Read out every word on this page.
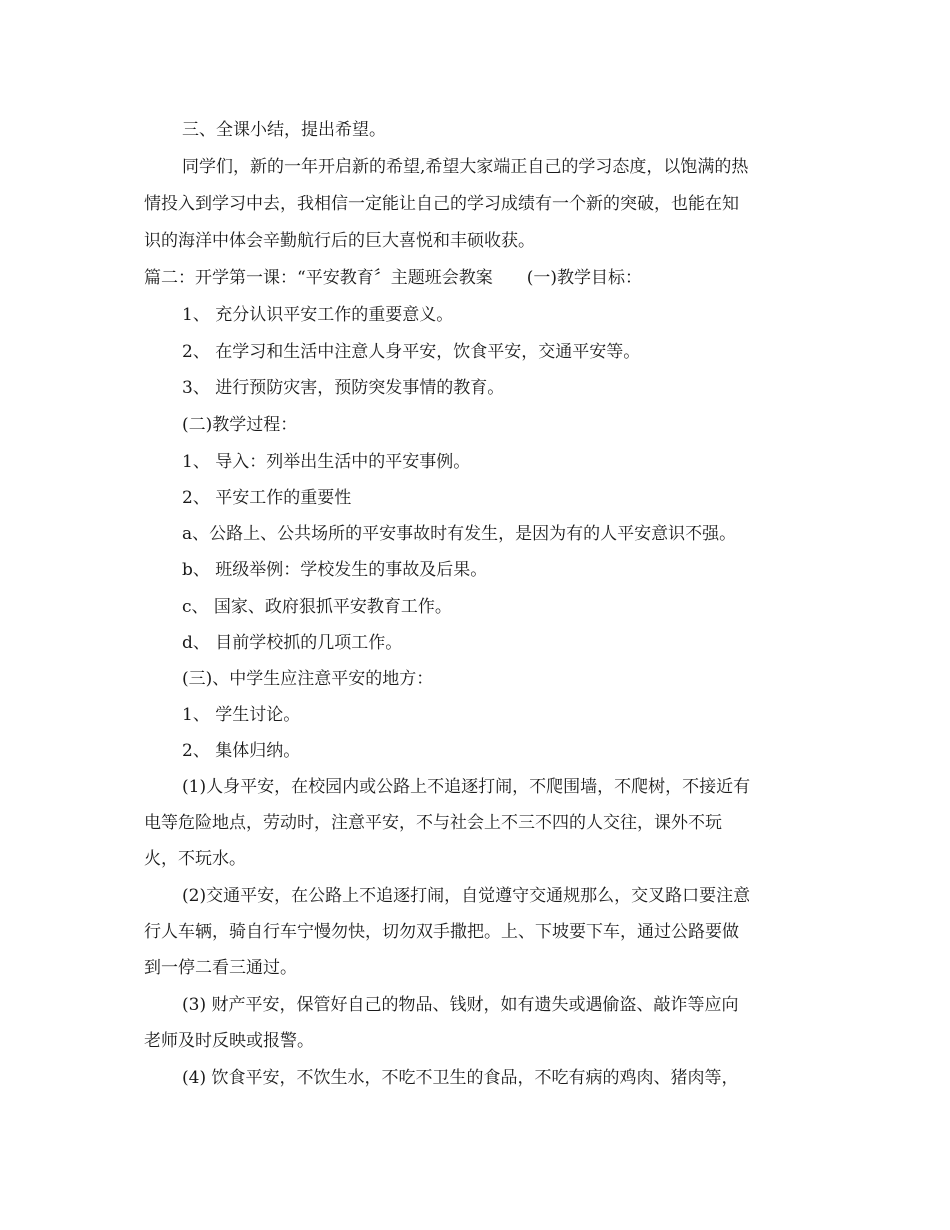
三、全课小结，提出希望。
同学们，新的一年开启新的希望,希望大家端正自己的学习态度，以饱满的热
情投入到学习中去，我相信一定能让自己的学习成绩有一个新的突破，也能在知
识的海洋中体会辛勤航行后的巨大喜悦和丰硕收获。
篇二：开学第一课：“平安教育〞主题班会教案　　(一)教学目标：
1、 充分认识平安工作的重要意义。
2、 在学习和生活中注意人身平安，饮食平安，交通平安等。
3、 进行预防灾害，预防突发事情的教育。
(二)教学过程：
1、 导入：列举出生活中的平安事例。
2、 平安工作的重要性
a、公路上、公共场所的平安事故时有发生，是因为有的人平安意识不强。
b、 班级举例：学校发生的事故及后果。
c、 国家、政府狠抓平安教育工作。
d、 目前学校抓的几项工作。
(三)、中学生应注意平安的地方：
1、 学生讨论。
2、 集体归纳。
(1)人身平安，在校园内或公路上不追逐打闹，不爬围墙，不爬树，不接近有
电等危险地点，劳动时，注意平安，不与社会上不三不四的人交往，课外不玩
火，不玩水。
(2)交通平安，在公路上不追逐打闹，自觉遵守交通规那么，交叉路口要注意
行人车辆，骑自行车宁慢勿快，切勿双手撒把。上、下坡要下车，通过公路要做
到一停二看三通过。
(3) 财产平安，保管好自己的物品、钱财，如有遗失或遇偷盗、敲诈等应向
老师及时反映或报警。
(4) 饮食平安，不饮生水，不吃不卫生的食品，不吃有病的鸡肉、猪肉等，
